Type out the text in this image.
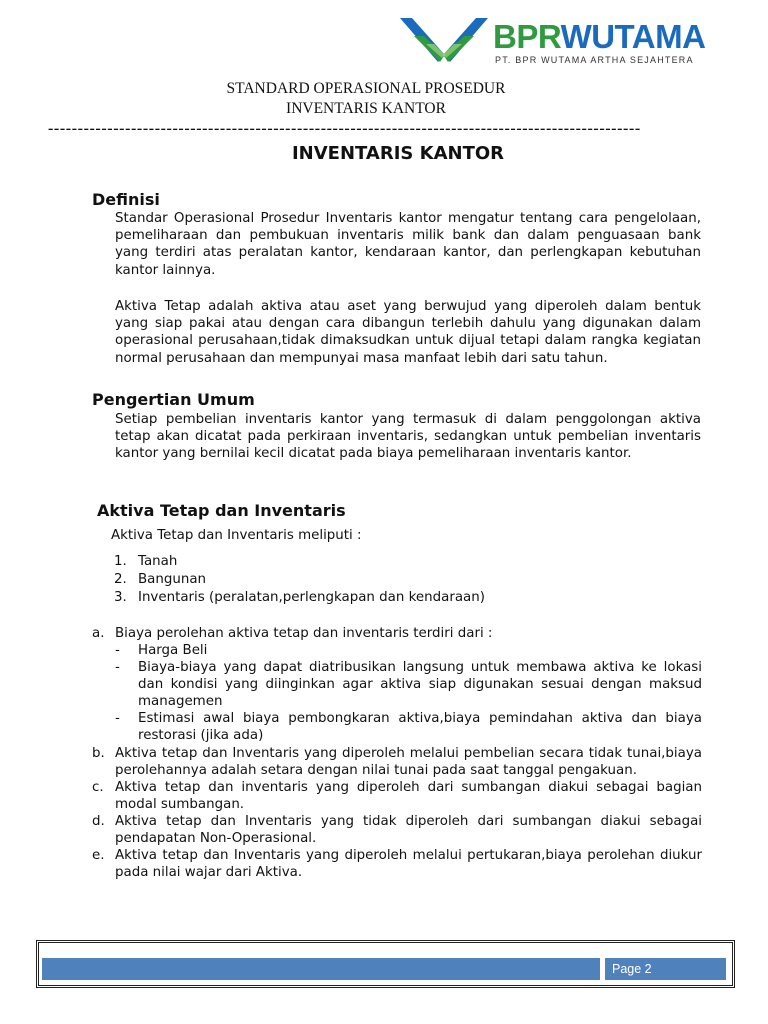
BPRWUTAMA
PT. BPR WUTAMA ARTHA SEJAHTERA
STANDARD OPERASIONAL PROSEDUR
INVENTARIS KANTOR
----------------------------------------------------------------------------------------------------
INVENTARIS KANTOR
Definisi

Standar Operasional Prosedur Inventaris kantor mengatur tentang cara pengelolaan, pemeliharaan dan pembukuan inventaris milik bank dan dalam penguasaan bank yang terdiri atas peralatan kantor, kendaraan kantor, dan perlengkapan kebutuhan kantor lainnya.

Aktiva Tetap adalah aktiva atau aset yang berwujud yang diperoleh dalam bentuk yang siap pakai atau dengan cara dibangun terlebih dahulu yang digunakan dalam operasional perusahaan,tidak dimaksudkan untuk dijual tetapi dalam rangka kegiatan normal perusahaan dan mempunyai masa manfaat lebih dari satu tahun.

Pengertian Umum

Setiap pembelian inventaris kantor yang termasuk di dalam penggolongan aktiva tetap akan dicatat pada perkiraan inventaris, sedangkan untuk pembelian inventaris kantor yang bernilai kecil dicatat pada biaya pemeliharaan inventaris kantor.

Aktiva Tetap dan Inventaris
Aktiva Tetap dan Inventaris meliputi :
1. Tanah
2. Bangunan
3. Inventaris (peralatan,perlengkapan dan kendaraan)
a. Biaya perolehan aktiva tetap dan inventaris terdiri dari :
- Harga Beli
- Biaya-biaya yang dapat diatribusikan langsung untuk membawa aktiva ke lokasi dan kondisi yang diinginkan agar aktiva siap digunakan sesuai dengan maksud managemen
- Estimasi awal biaya pembongkaran aktiva,biaya pemindahan aktiva dan biaya restorasi (jika ada)
b. Aktiva tetap dan Inventaris yang diperoleh melalui pembelian secara tidak tunai,biaya perolehannya adalah setara dengan nilai tunai pada saat tanggal pengakuan.
c. Aktiva tetap dan inventaris yang diperoleh dari sumbangan diakui sebagai bagian modal sumbangan.
d. Aktiva tetap dan Inventaris yang tidak diperoleh dari sumbangan diakui sebagai pendapatan Non-Operasional.
e. Aktiva tetap dan Inventaris yang diperoleh melalui pertukaran,biaya perolehan diukur pada nilai wajar dari Aktiva.
Page 2
